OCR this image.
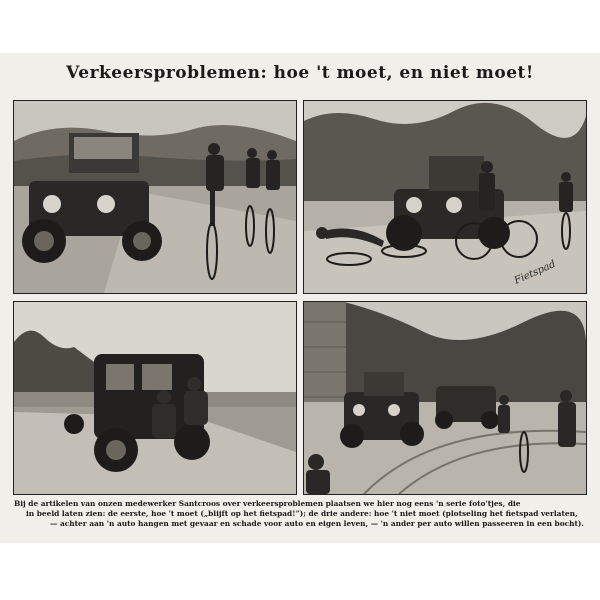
Verkeersproblemen: hoe 't moet, en niet moet!
Fietspad
Bij de artikelen van onzen medewerker Santcroos over verkeersproblemen plaatsen we hier nog eens 'n serie foto'tjes, die
in beeld laten zien: de eerste, hoe 't moet („blijft op het fietspad!”); de drie andere: hoe 't niet moet (plotseling het fietspad verlaten,
— achter aan 'n auto hangen met gevaar en schade voor auto en eigen leven, — 'n ander per auto willen passeeren in een bocht).
